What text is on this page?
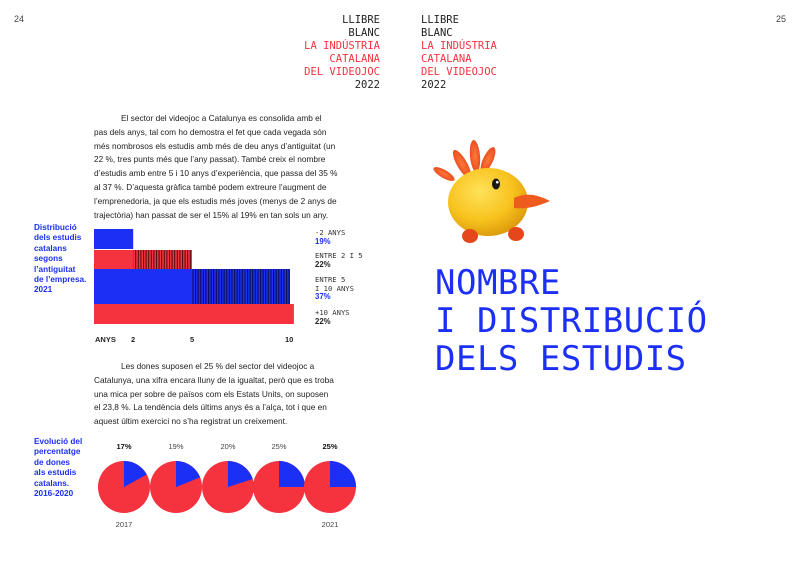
24	25
LLIBRE
BLANC
LA INDÚSTRIA
CATALANA
DEL VIDEOJOC
2022
LLIBRE
BLANC
LA INDÚSTRIA
CATALANA
DEL VIDEOJOC
2022
El sector del videojoc a Catalunya es consolida amb el
pas dels anys, tal com ho demostra el fet que cada vegada són
més nombrosos els estudis amb més de deu anys d’antiguitat (un
22 %, tres punts més que l’any passat). També creix el nombre
d’estudis amb entre 5 i 10 anys d’experiència, que passa del 35 %
al 37 %. D’aquesta gràfica també podem extreure l’augment de
l’emprenedoria, ja que els estudis més joves (menys de 2 anys de
trajectòria) han passat de ser el 15% al 19% en tan sols un any.
Distribució
dels estudis
catalans
segons
l’antiguitat
de l’empresa.
2021
-2 ANYS
19%
ENTRE 2 I 5
22%
ENTRE 5
I 10 ANYS
37%
+10 ANYS
22%
ANYS 2	5	10
Les dones suposen el 25 % del sector del videojoc a
Catalunya, una xifra encara lluny de la igualtat, però que es troba
una mica per sobre de països com els Estats Units, on suposen
el 23,8 %. La tendència dels últims anys és a l’alça, tot i que en
aquest últim exercici no s’ha registrat un creixement.
Evolució del
percentatge
de dones
als estudis
catalans.
2016-2020
17%	19%	20%	25%	25%
2017	2021
NOMBRE
I DISTRIBUCIÓ
DELS ESTUDIS
